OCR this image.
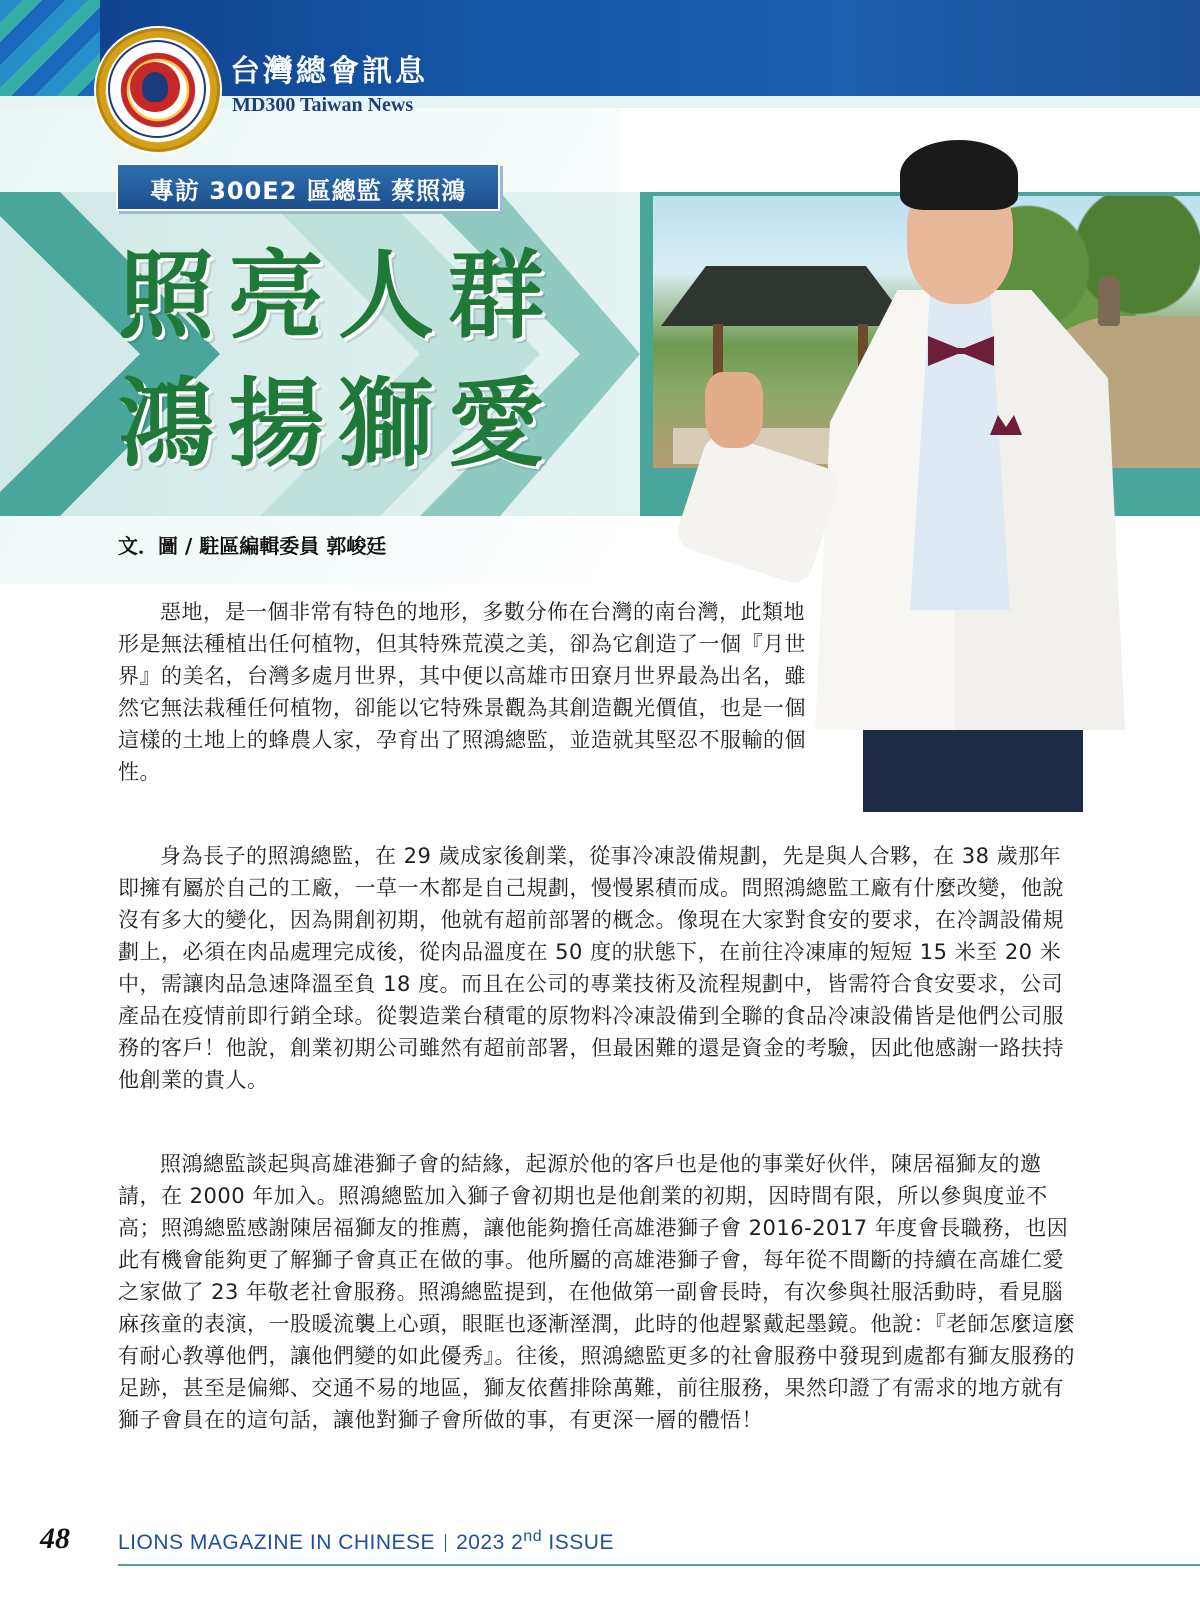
台灣總會訊息
MD300 Taiwan News
專訪 300E2 區總監 蔡照鴻
照亮人群
鴻揚獅愛
文．圖 / 駐區編輯委員 郭峻廷

惡地，是一個非常有特色的地形，多數分佈在台灣的南台灣，此類地形是無法種植出任何植物，但其特殊荒漠之美，卻為它創造了一個『月世界』的美名，台灣多處月世界，其中便以高雄市田寮月世界最為出名，雖然它無法栽種任何植物，卻能以它特殊景觀為其創造觀光價值，也是一個這樣的土地上的蜂農人家，孕育出了照鴻總監，並造就其堅忍不服輸的個性。

身為長子的照鴻總監，在 29 歲成家後創業，從事冷凍設備規劃，先是與人合夥，在 38 歲那年即擁有屬於自己的工廠，一草一木都是自己規劃，慢慢累積而成。問照鴻總監工廠有什麼改變，他說沒有多大的變化，因為開創初期，他就有超前部署的概念。像現在大家對食安的要求，在冷調設備規劃上，必須在肉品處理完成後，從肉品溫度在 50 度的狀態下，在前往冷凍庫的短短 15 米至 20 米中，需讓肉品急速降溫至負 18 度。而且在公司的專業技術及流程規劃中，皆需符合食安要求，公司產品在疫情前即行銷全球。從製造業台積電的原物料冷凍設備到全聯的食品冷凍設備皆是他們公司服務的客戶！他說，創業初期公司雖然有超前部署，但最困難的還是資金的考驗，因此他感謝一路扶持他創業的貴人。

照鴻總監談起與高雄港獅子會的結緣，起源於他的客戶也是他的事業好伙伴，陳居福獅友的邀請，在 2000 年加入。照鴻總監加入獅子會初期也是他創業的初期，因時間有限，所以參與度並不高；照鴻總監感謝陳居福獅友的推薦，讓他能夠擔任高雄港獅子會 2016-2017 年度會長職務，也因此有機會能夠更了解獅子會真正在做的事。他所屬的高雄港獅子會，每年從不間斷的持續在高雄仁愛之家做了 23 年敬老社會服務。照鴻總監提到，在他做第一副會長時，有次參與社服活動時，看見腦麻孩童的表演，一股暖流襲上心頭，眼眶也逐漸溼潤，此時的他趕緊戴起墨鏡。他說：『老師怎麼這麼有耐心教導他們，讓他們變的如此優秀』。往後，照鴻總監更多的社會服務中發現到處都有獅友服務的足跡，甚至是偏鄉、交通不易的地區，獅友依舊排除萬難，前往服務，果然印證了有需求的地方就有獅子會員在的這句話，讓他對獅子會所做的事，有更深一層的體悟！

48 LIONS MAGAZINE IN CHINESE 2023 2nd ISSUE
